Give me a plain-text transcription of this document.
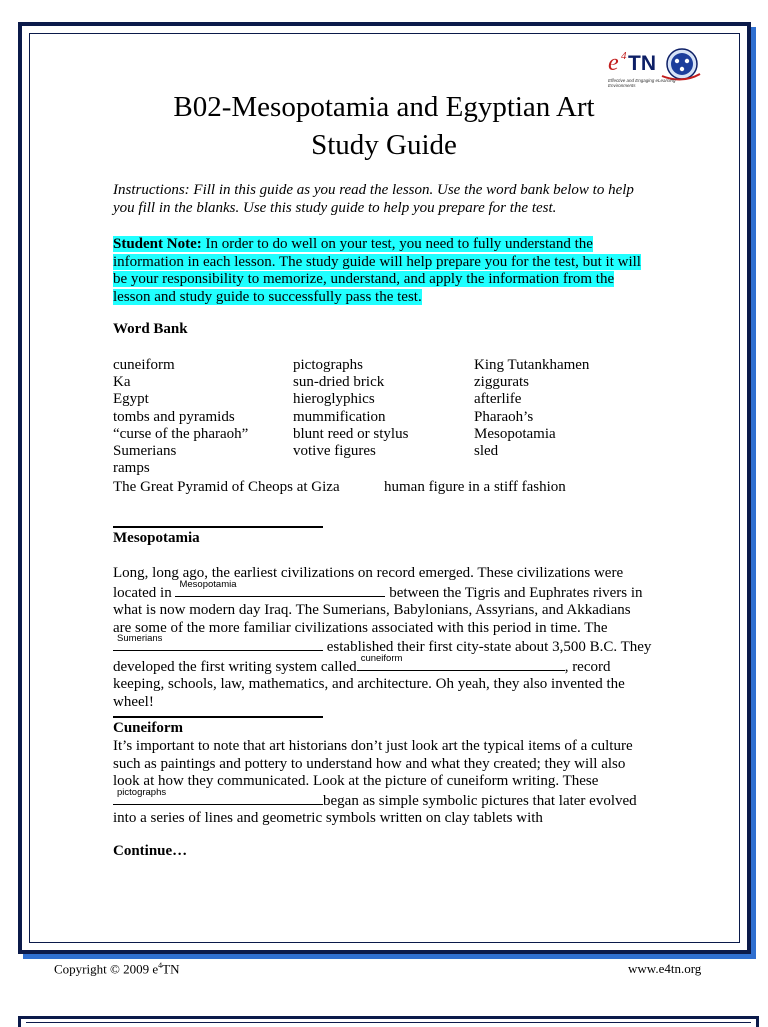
e 4 TN
Effective and Engaging eLearning Environments
B02-Mesopotamia and Egyptian Art
Study Guide
Instructions: Fill in this guide as you read the lesson. Use the word bank below to help you fill in the blanks. Use this study guide to help you prepare for the test.
Student Note: In order to do well on your test, you need to fully understand the information in each lesson. The study guide will help prepare you for the test, but it will be your responsibility to memorize, understand, and apply the information from the lesson and study guide to successfully pass the test.
Word Bank
cuneiform
Ka
Egypt
tombs and pyramids
“curse of the pharaoh”
Sumerians
ramps
The Great Pyramid of Cheops at Giza
pictographs
sun-dried brick
hieroglyphics
mummification
blunt reed or stylus
votive figures
King Tutankhamen
ziggurats
afterlife
Pharaoh’s
Mesopotamia
sled
human figure in a stiff fashion
Mesopotamia
Long, long ago, the earliest civilizations on record emerged. These civilizations were
located in
Mesopotamia
between the Tigris and Euphrates rivers in
what is now modern day Iraq. The Sumerians, Babylonians, Assyrians, and Akkadians
are some of the more familiar civilizations associated with this period in time. The
Sumerians
established their first city-state about 3,500 B.C. They
developed the first writing system called
cuneiform
, record
keeping, schools, law, mathematics, and architecture. Oh yeah, they also invented the
wheel!
Cuneiform
It’s important to note that art historians don’t just look art the typical items of a culture
such as paintings and pottery to understand how and what they created; they will also
look at how they communicated. Look at the picture of cuneiform writing. These
pictographs
began as simple symbolic pictures that later evolved
into a series of lines and geometric symbols written on clay tablets with
Continue…
Copyright © 2009 $e^4TN$	www.e4tn.org
